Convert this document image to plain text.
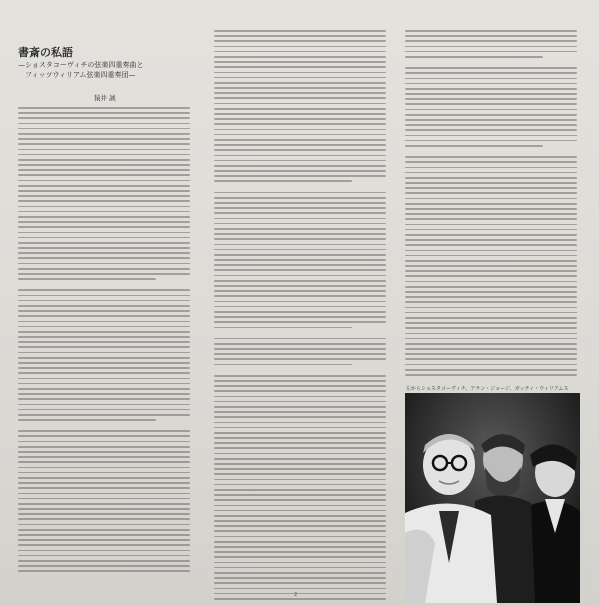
書斎の私語

—ショスタコーヴィチの弦楽四重奏曲と

　フィッツウィリアム弦楽四重奏団—

猿井 誠
左からショスタコーヴィチ、アラン・ジョージ、ガッティ・ウィリアムス
2
